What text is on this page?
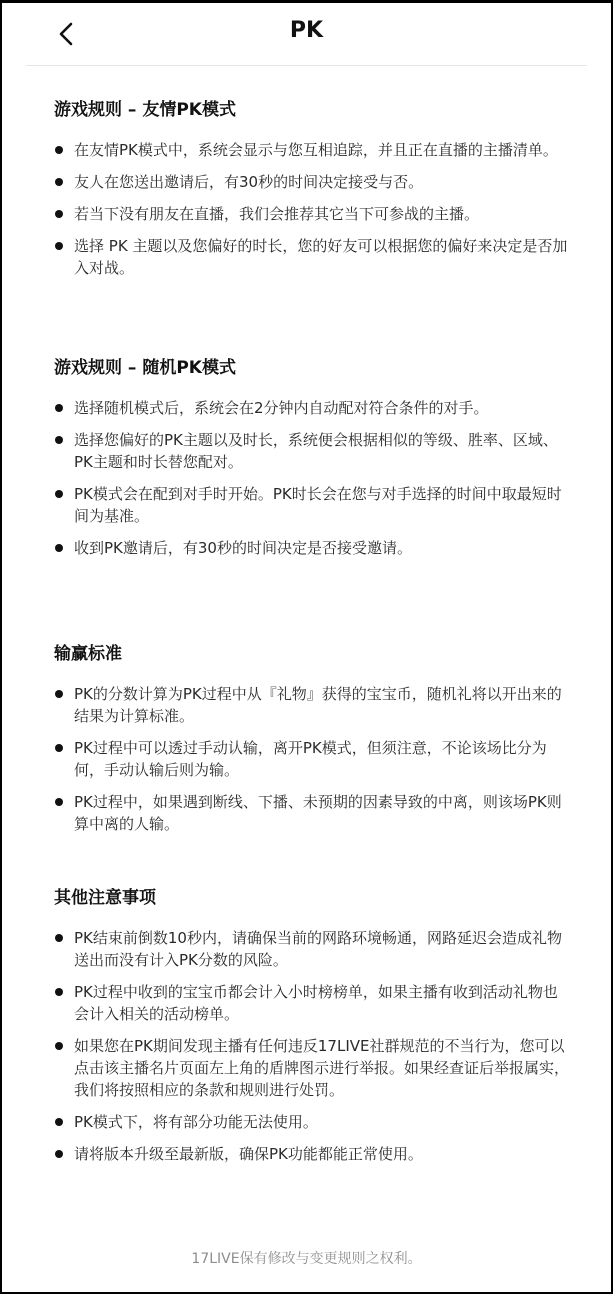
PK
游戏规则 – 友情PK模式
在友情PK模式中，系统会显示与您互相追踪，并且正在直播的主播清单。
友人在您送出邀请后，有30秒的时间决定接受与否。
若当下没有朋友在直播，我们会推荐其它当下可参战的主播。
选择 PK 主题以及您偏好的时长，您的好友可以根据您的偏好来决定是否加入对战。
游戏规则 – 随机PK模式
选择随机模式后，系统会在2分钟内自动配对符合条件的对手。
选择您偏好的PK主题以及时长，系统便会根据相似的等级、胜率、区域、PK主题和时长替您配对。
PK模式会在配到对手时开始。PK时长会在您与对手选择的时间中取最短时间为基准。
收到PK邀请后，有30秒的时间决定是否接受邀请。
输赢标准
PK的分数计算为PK过程中从『礼物』获得的宝宝币，随机礼将以开出来的结果为计算标准。
PK过程中可以透过手动认输，离开PK模式，但须注意，不论该场比分为何，手动认输后则为输。
PK过程中，如果遇到断线、下播、未预期的因素导致的中离，则该场PK则算中离的人输。
其他注意事项
PK结束前倒数10秒内，请确保当前的网路环境畅通，网路延迟会造成礼物送出而没有计入PK分数的风险。
PK过程中收到的宝宝币都会计入小时榜榜单，如果主播有收到活动礼物也会计入相关的活动榜单。
如果您在PK期间发现主播有任何违反17LIVE社群规范的不当行为，您可以点击该主播名片页面左上角的盾牌图示进行举报。如果经查证后举报属实，我们将按照相应的条款和规则进行处罚。
PK模式下，将有部分功能无法使用。
请将版本升级至最新版，确保PK功能都能正常使用。
17LIVE保有修改与变更规则之权利。
